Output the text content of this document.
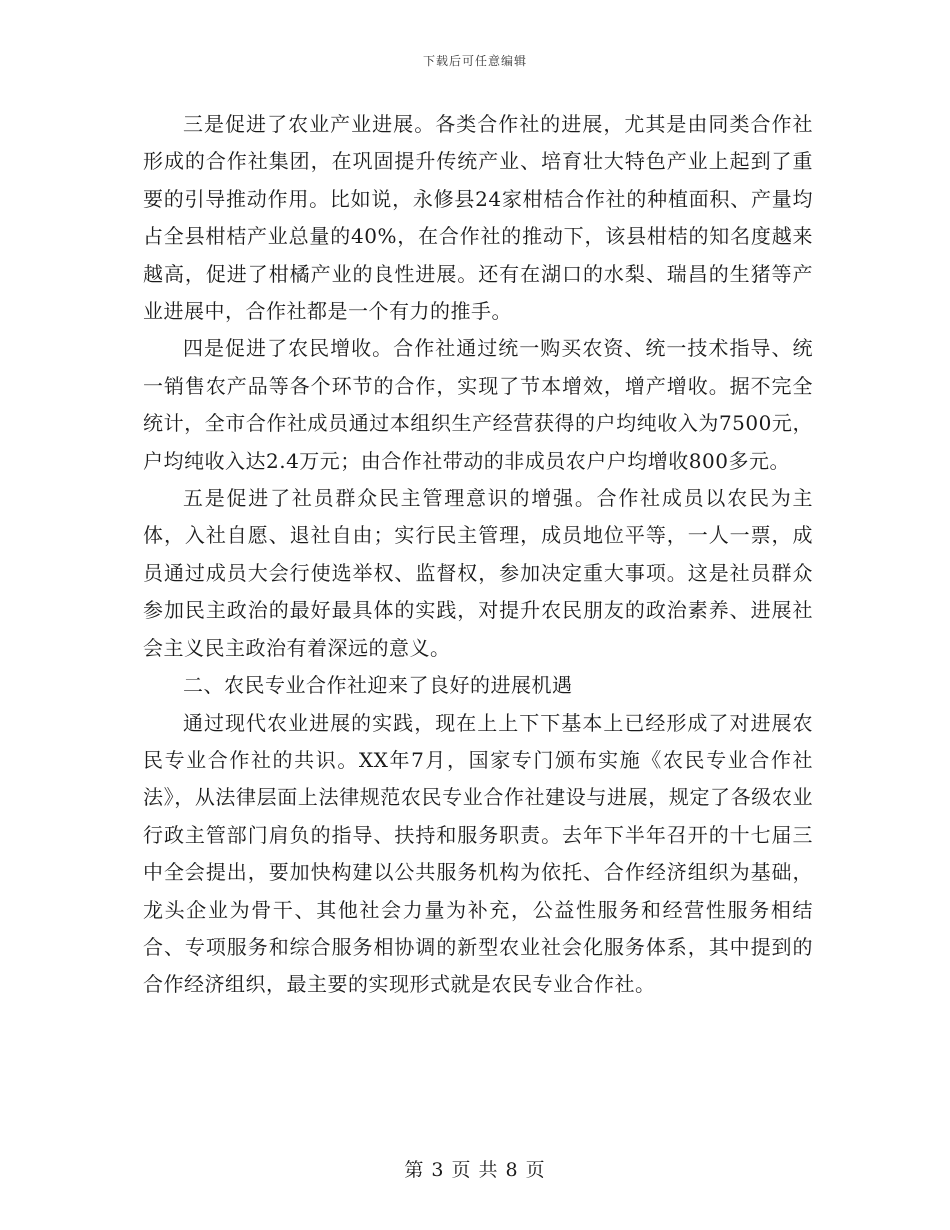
下载后可任意编辑

三是促进了农业产业进展。各类合作社的进展，尤其是由同类合作社形成的合作社集团，在巩固提升传统产业、培育壮大特色产业上起到了重要的引导推动作用。比如说，永修县24家柑桔合作社的种植面积、产量均占全县柑桔产业总量的40%，在合作社的推动下，该县柑桔的知名度越来越高，促进了柑橘产业的良性进展。还有在湖口的水梨、瑞昌的生猪等产业进展中，合作社都是一个有力的推手。

四是促进了农民增收。合作社通过统一购买农资、统一技术指导、统一销售农产品等各个环节的合作，实现了节本增效，增产增收。据不完全统计，全市合作社成员通过本组织生产经营获得的户均纯收入为7500元，户均纯收入达2.4万元；由合作社带动的非成员农户户均增收800多元。

五是促进了社员群众民主管理意识的增强。合作社成员以农民为主体，入社自愿、退社自由；实行民主管理，成员地位平等，一人一票，成员通过成员大会行使选举权、监督权，参加决定重大事项。这是社员群众参加民主政治的最好最具体的实践，对提升农民朋友的政治素养、进展社会主义民主政治有着深远的意义。

二、农民专业合作社迎来了良好的进展机遇

通过现代农业进展的实践，现在上上下下基本上已经形成了对进展农民专业合作社的共识。XX年7月，国家专门颁布实施《农民专业合作社法》，从法律层面上法律规范农民专业合作社建设与进展，规定了各级农业行政主管部门肩负的指导、扶持和服务职责。去年下半年召开的十七届三中全会提出，要加快构建以公共服务机构为依托、合作经济组织为基础，龙头企业为骨干、其他社会力量为补充，公益性服务和经营性服务相结合、专项服务和综合服务相协调的新型农业社会化服务体系，其中提到的合作经济组织，最主要的实现形式就是农民专业合作社。

第 3 页 共 8 页
